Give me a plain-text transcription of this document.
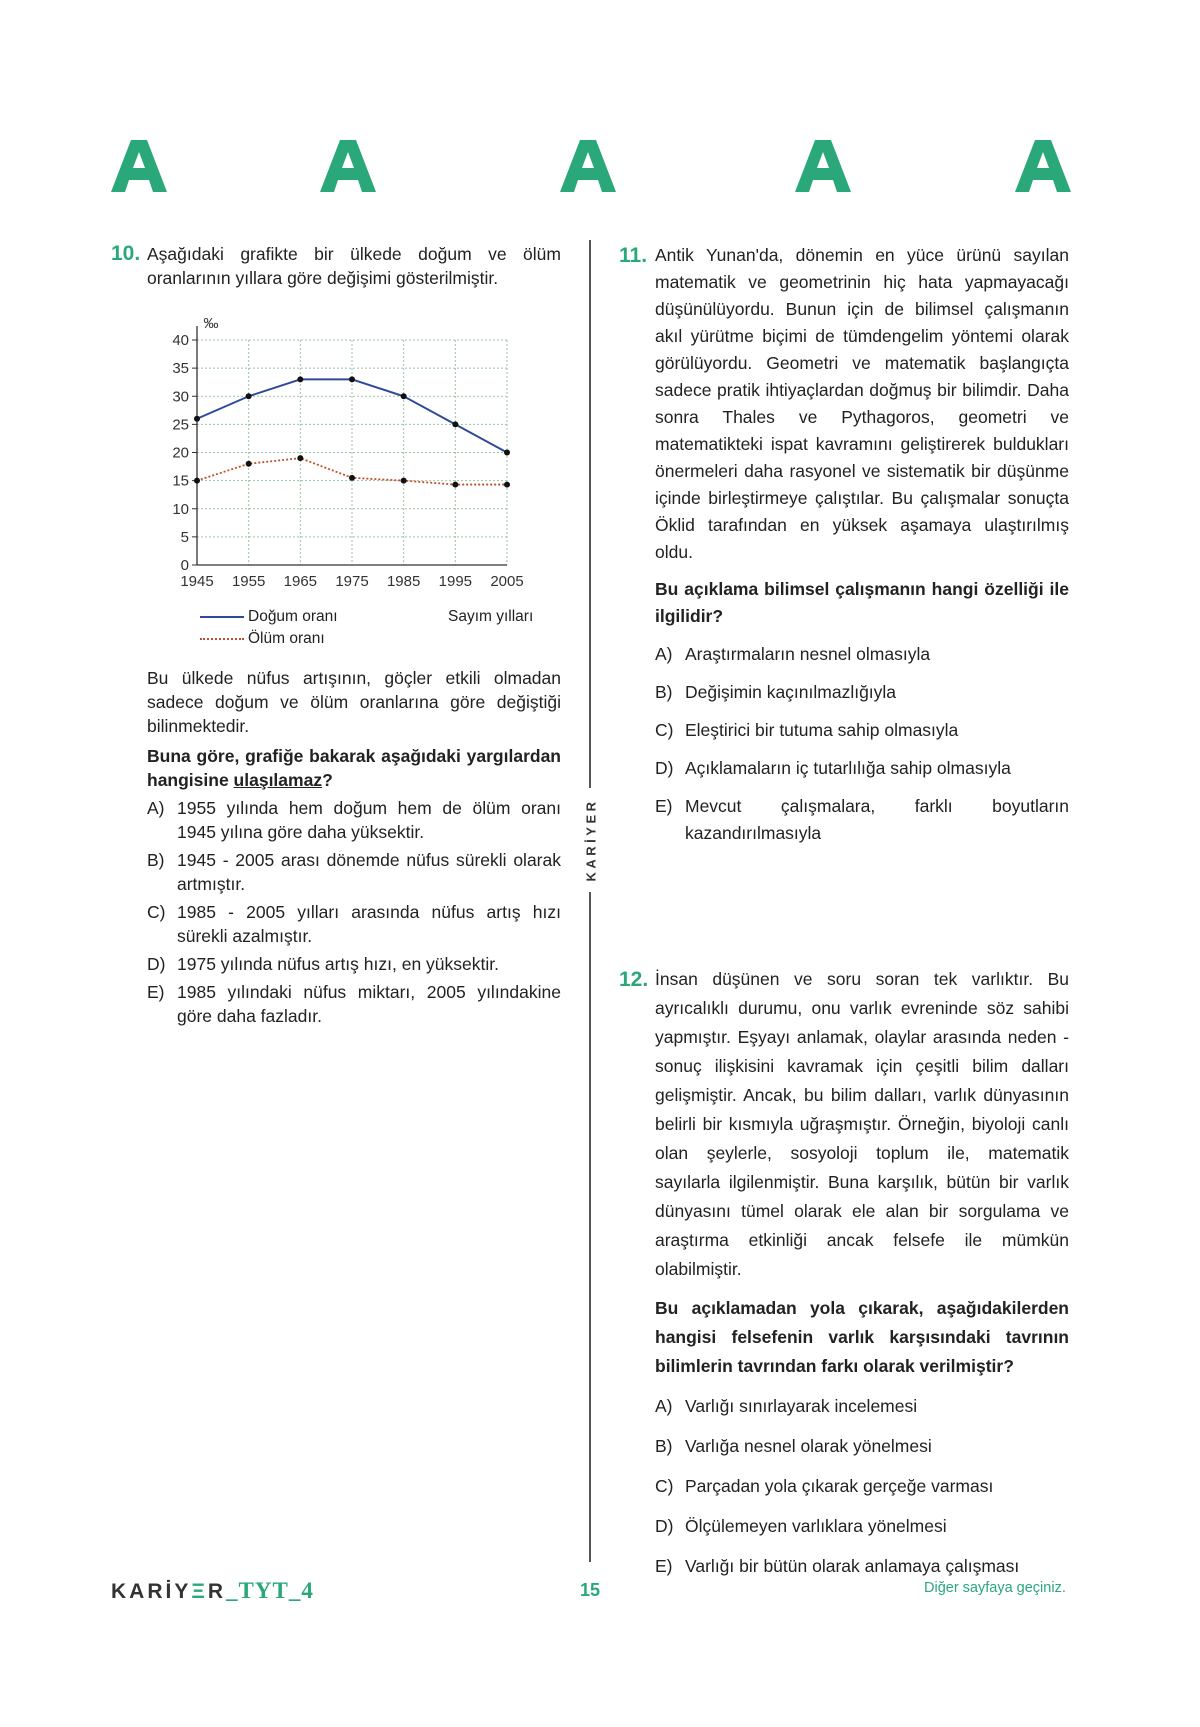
KARİYER
10. Aşağıdaki grafikte bir ülkede doğum ve ölüm oranlarının yıllara göre değişimi gösterilmiştir.

0
5
10
15
20
25
30
35
40
1945 1955 1965 1975 1985 1995 2005
‰
Doğum oranı
Ölüm oranı
Sayım yılları

Bu ülkede nüfus artışının, göçler etkili olmadan sadece doğum ve ölüm oranlarına göre değiştiği bilinmektedir.

Buna göre, grafiğe bakarak aşağıdaki yargılardan hangisine ulaşılamaz?

A) 1955 yılında hem doğum hem de ölüm oranı 1945 yılına göre daha yüksektir.
B) 1945 - 2005 arası dönemde nüfus sürekli olarak artmıştır.
C) 1985 - 2005 yılları arasında nüfus artış hızı sürekli azalmıştır.
D) 1975 yılında nüfus artış hızı, en yüksektir.
E) 1985 yılındaki nüfus miktarı, 2005 yılındakine göre daha fazladır.
11. Antik Yunan'da, dönemin en yüce ürünü sayılan matematik ve geometrinin hiç hata yapmayacağı düşünülüyordu. Bunun için de bilimsel çalışmanın akıl yürütme biçimi de tümdengelim yöntemi olarak görülüyordu. Geometri ve matematik başlangıçta sadece pratik ihtiyaçlardan doğmuş bir bilimdir. Daha sonra Thales ve Pythagoros, geometri ve matematikteki ispat kavramını geliştirerek buldukları önermeleri daha rasyonel ve sistematik bir düşünme içinde birleştirmeye çalıştılar. Bu çalışmalar sonuçta Öklid tarafından en yüksek aşamaya ulaştırılmış oldu.

Bu açıklama bilimsel çalışmanın hangi özelliği ile ilgilidir?

A) Araştırmaların nesnel olmasıyla
B) Değişimin kaçınılmazlığıyla
C) Eleştirici bir tutuma sahip olmasıyla
D) Açıklamaların iç tutarlılığa sahip olmasıyla
E) Mevcut çalışmalara, farklı boyutların kazandırılmasıyla
12. İnsan düşünen ve soru soran tek varlıktır. Bu ayrıcalıklı durumu, onu varlık evreninde söz sahibi yapmıştır. Eşyayı anlamak, olaylar arasında neden - sonuç ilişkisini kavramak için çeşitli bilim dalları gelişmiştir. Ancak, bu bilim dalları, varlık dünyasının belirli bir kısmıyla uğraşmıştır. Örneğin, biyoloji canlı olan şeylerle, sosyoloji toplum ile, matematik sayılarla ilgilenmiştir. Buna karşılık, bütün bir varlık dünyasını tümel olarak ele alan bir sorgulama ve araştırma etkinliği ancak felsefe ile mümkün olabilmiştir.

Bu açıklamadan yola çıkarak, aşağıdakilerden hangisi felsefenin varlık karşısındaki tavrının bilimlerin tavrından farkı olarak verilmiştir?

A) Varlığı sınırlayarak incelemesi
B) Varlığa nesnel olarak yönelmesi
C) Parçadan yola çıkarak gerçeğe varması
D) Ölçülemeyen varlıklara yönelmesi
E) Varlığı bir bütün olarak anlamaya çalışması
KARİYΞR_TYT_4	15	Diğer sayfaya geçiniz.
